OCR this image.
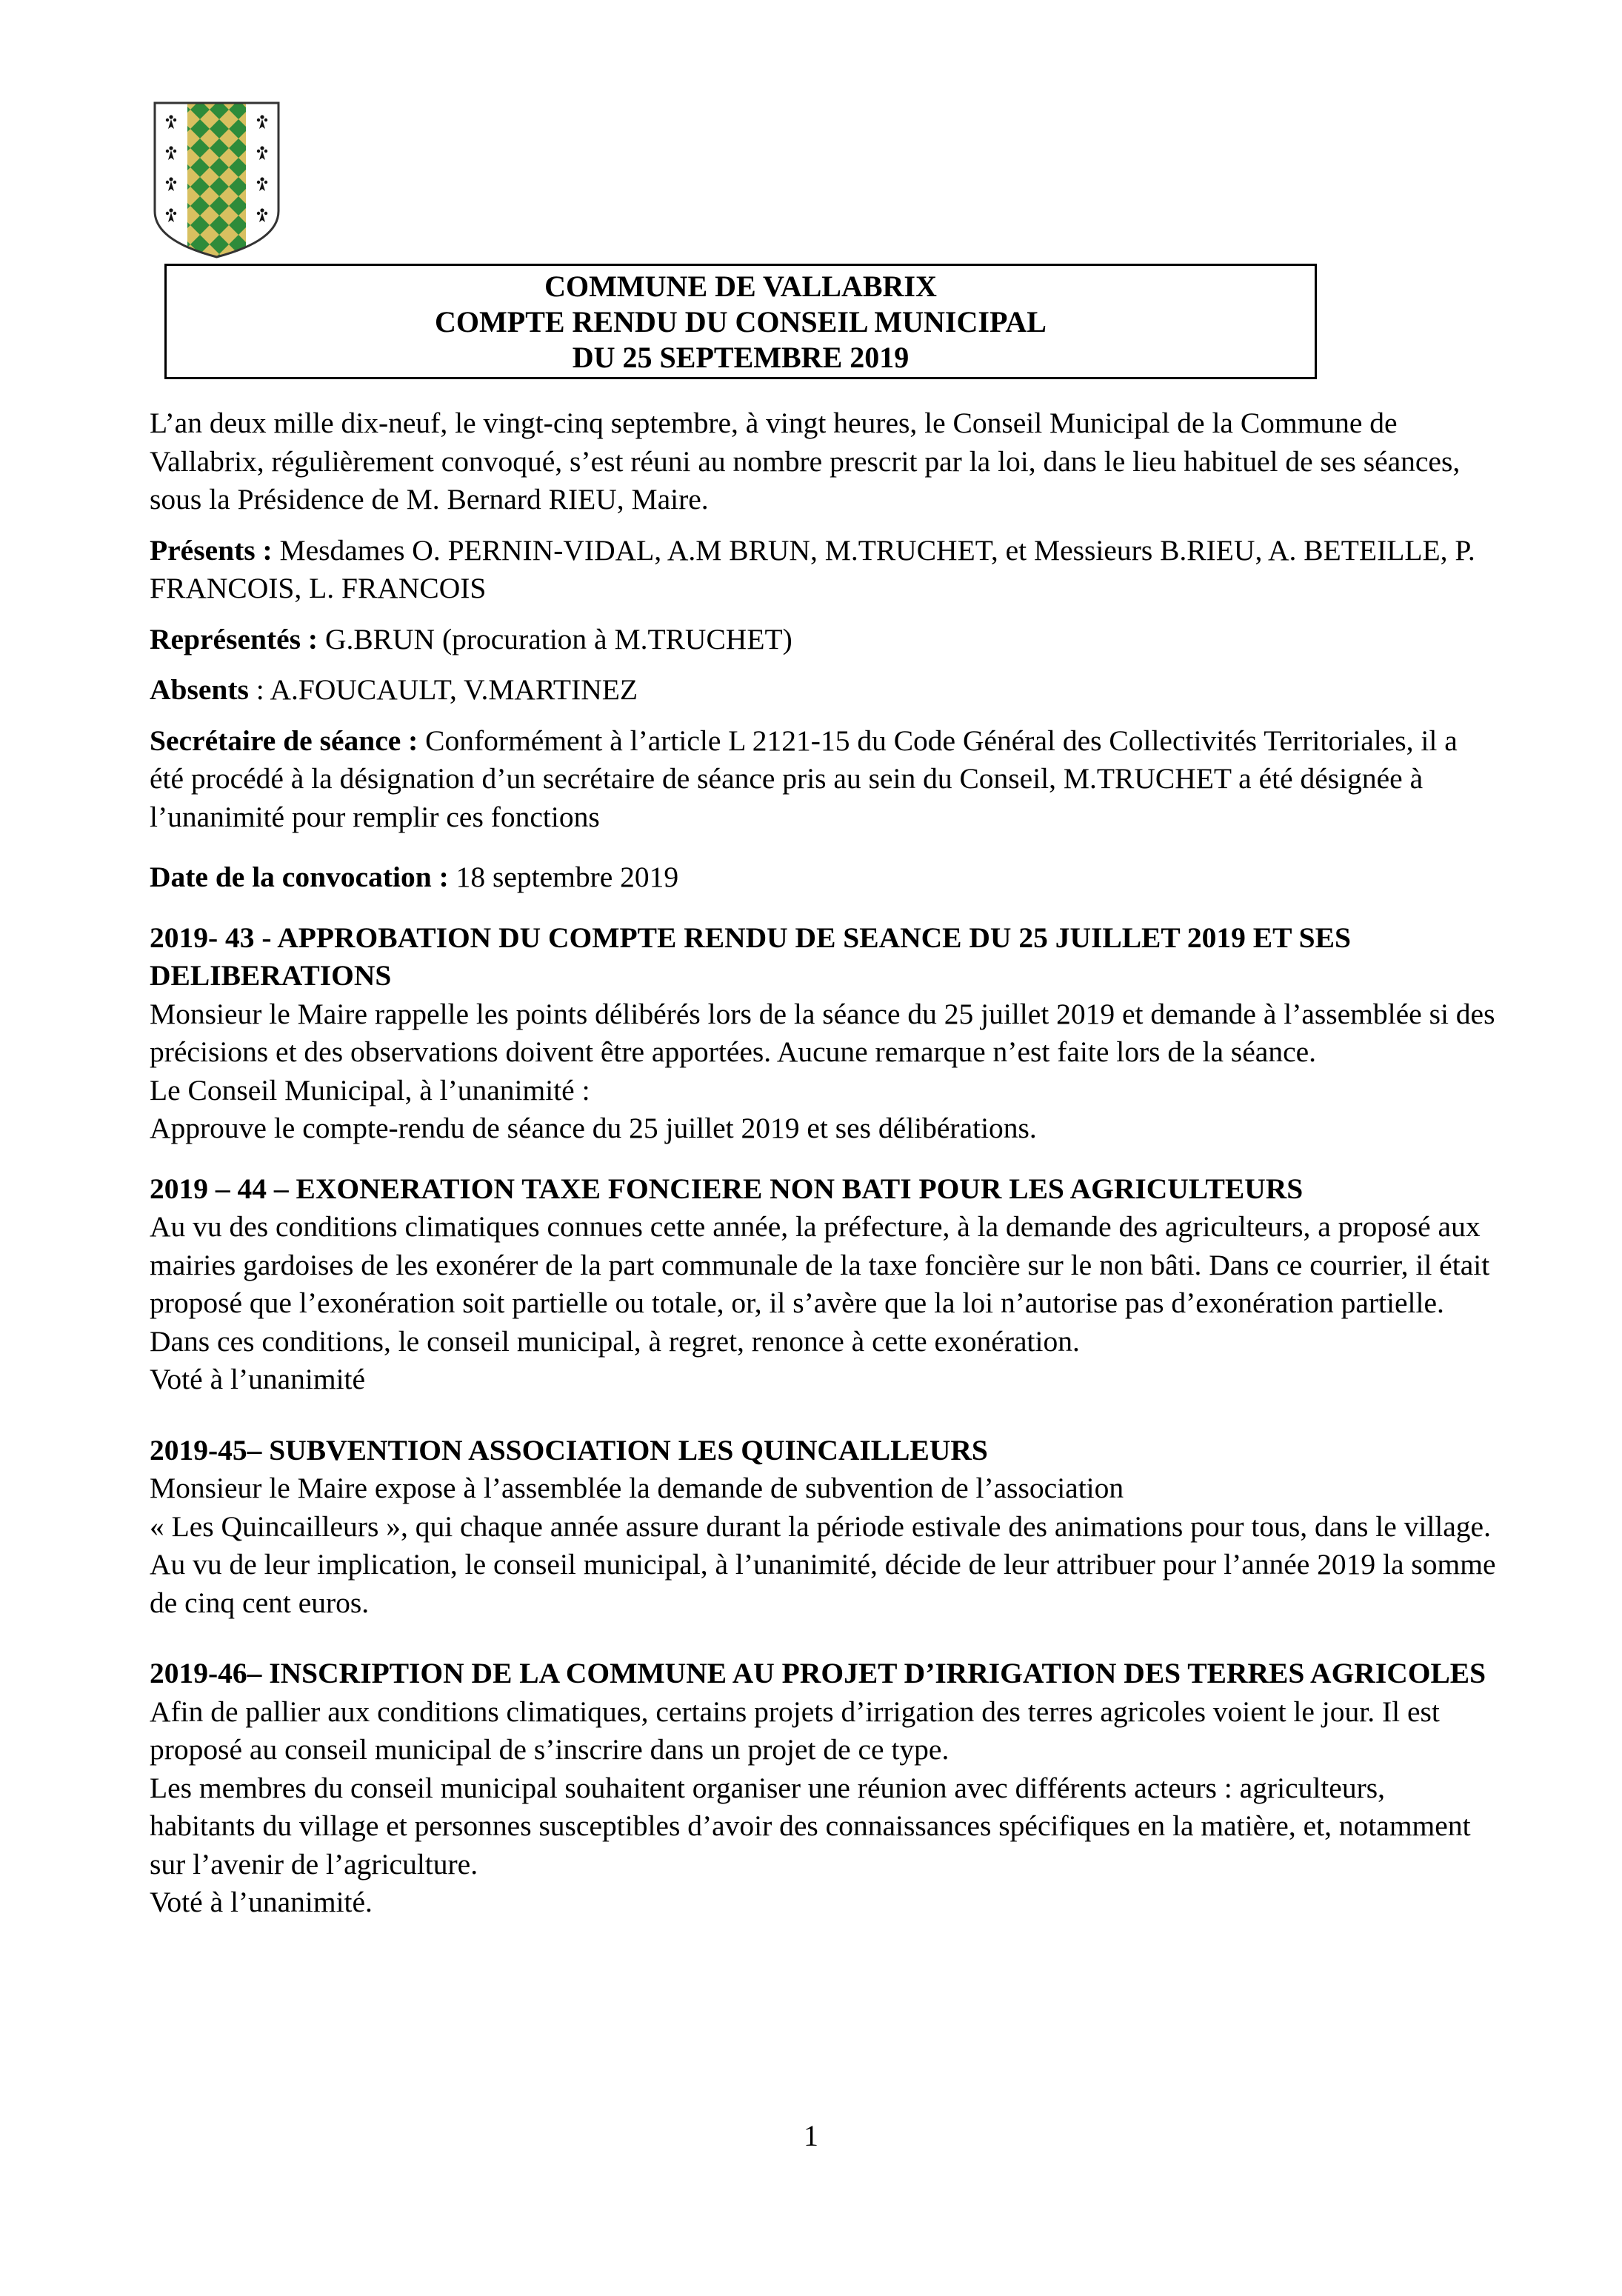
COMMUNE DE VALLABRIX
COMPTE RENDU DU CONSEIL MUNICIPAL
DU 25 SEPTEMBRE 2019

L’an deux mille dix-neuf, le vingt-cinq septembre, à vingt heures, le Conseil Municipal de la Commune de Vallabrix, régulièrement convoqué, s’est réuni au nombre prescrit par la loi, dans le lieu habituel de ses séances, sous la Présidence de M. Bernard RIEU, Maire.

Présents : Mesdames O. PERNIN-VIDAL, A.M BRUN, M.TRUCHET, et Messieurs B.RIEU, A. BETEILLE, P. FRANCOIS, L. FRANCOIS

Représentés : G.BRUN (procuration à M.TRUCHET)

Absents : A.FOUCAULT, V.MARTINEZ

Secrétaire de séance : Conformément à l’article L 2121-15 du Code Général des Collectivités Territoriales, il a été procédé à la désignation d’un secrétaire de séance pris au sein du Conseil, M.TRUCHET a été désignée à l’unanimité pour remplir ces fonctions

Date de la convocation : 18 septembre 2019

2019- 43 - APPROBATION DU COMPTE RENDU DE SEANCE DU 25 JUILLET 2019 ET SES DELIBERATIONS

Monsieur le Maire rappelle les points délibérés lors de la séance du 25 juillet 2019 et demande à l’assemblée si des précisions et des observations doivent être apportées. Aucune remarque n’est faite lors de la séance.

Le Conseil Municipal, à l’unanimité :

Approuve le compte-rendu de séance du 25 juillet 2019 et ses délibérations.

2019 – 44 – EXONERATION TAXE FONCIERE NON BATI POUR LES AGRICULTEURS

Au vu des conditions climatiques connues cette année, la préfecture, à la demande des agriculteurs, a proposé aux mairies gardoises de les exonérer de la part communale de la taxe foncière sur le non bâti. Dans ce courrier, il était proposé que l’exonération soit partielle ou totale, or, il s’avère que la loi n’autorise pas d’exonération partielle.

Dans ces conditions, le conseil municipal, à regret, renonce à cette exonération.

Voté à l’unanimité

2019-45– SUBVENTION ASSOCIATION LES QUINCAILLEURS

Monsieur le Maire expose à l’assemblée la demande de subvention de l’association

« Les Quincailleurs », qui chaque année assure durant la période estivale des animations pour tous, dans le village. Au vu de leur implication, le conseil municipal, à l’unanimité, décide de leur attribuer pour l’année 2019 la somme de cinq cent euros.

2019-46– INSCRIPTION DE LA COMMUNE AU PROJET D’IRRIGATION DES TERRES AGRICOLES

Afin de pallier aux conditions climatiques, certains projets d’irrigation des terres agricoles voient le jour. Il est proposé au conseil municipal de s’inscrire dans un projet de ce type.

Les membres du conseil municipal souhaitent organiser une réunion avec différents acteurs : agriculteurs, habitants du village et personnes susceptibles d’avoir des connaissances spécifiques en la matière, et, notamment sur l’avenir de l’agriculture.

Voté à l’unanimité.

1
